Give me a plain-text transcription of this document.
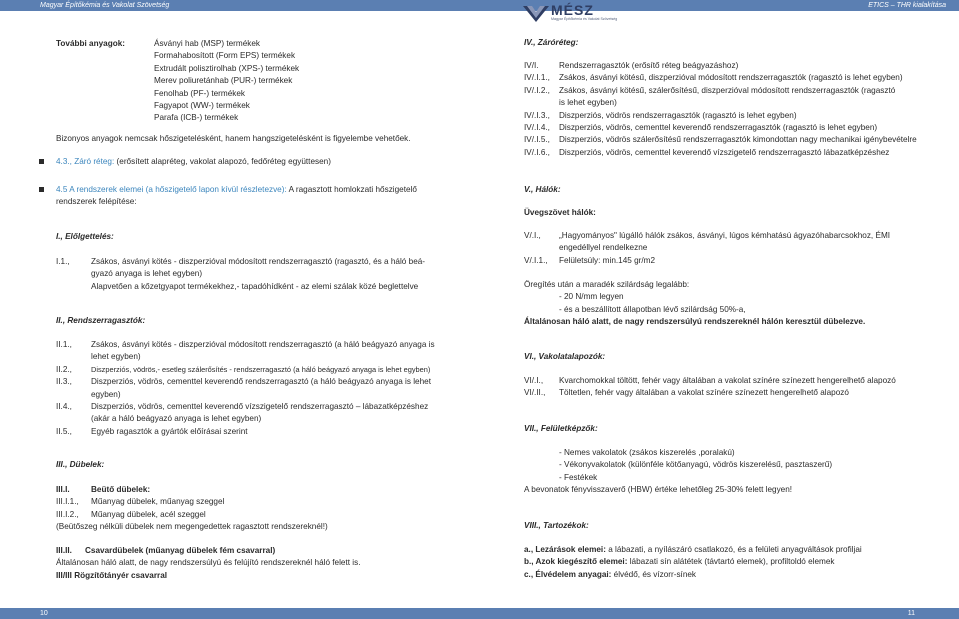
Magyar Építőkémia és Vakolat Szövetség	ETICS – THR kialakítása
MÉSZ
Magyar Építőkémia és Vakolat Szövetség
További anyagok:	Ásványi hab (MSP) termékek
Formahabosított (Form EPS) termékek
Extrudált polisztirolhab (XPS-) termékek
Merev poliuretánhab (PUR-) termékek
Fenolhab (PF-) termékek
Fagyapot (WW-) termékek
Parafa (ICB-) termékek
Bizonyos anyagok nemcsak hőszigetelésként, hanem hangszigetelésként is figyelembe vehetőek.
4.3., Záró réteg: (erősített alapréteg, vakolat alapozó, fedőréteg együttesen)
4.5 A rendszerek elemei (a hőszigetelő lapon kívül részletezve): A ragasztott homlokzati hőszigetelő
rendszerek felépítése:
I., Előlgettelés:
I.1.,	Zsákos, ásványi kötés - diszperzióval módosított rendszerragasztó (ragasztó, és a háló beá-
gyazó anyaga is lehet egyben)
Alapvetően a kőzetgyapot termékekhez,- tapadóhídként - az elemi szálak közé beglettelve
II., Rendszerragasztók:
II.1.,	Zsákos, ásványi kötés - diszperzióval módosított rendszerragasztó (a háló beágyazó anyaga is
lehet egyben)
II.2.,	Diszperziós, vödrös,- esetleg szálerősítés - rendszerragasztó (a háló beágyazó anyaga is lehet egyben)
II.3.,	Diszperziós, vödrös, cementtel keverendő rendszerragasztó (a háló beágyazó anyaga is lehet
egyben)
II.4.,	Diszperziós, vödrös, cementtel keverendő vízszigetelő rendszerragasztó – lábazatképzéshez
(akár a háló beágyazó anyaga is lehet egyben)
II.5.,	Egyéb ragasztók a gyártók előírásai szerint
III., Dübelek:
III.I.	Beütő dübelek:
III.I.1.,	Műanyag dübelek, műanyag szeggel
III.I.2.,	Műanyag dübelek, acél szeggel
(Beütőszeg nélküli dübelek nem megengedettek ragasztott rendszereknél!)
III.II.	Csavardübelek (műanyag dübelek fém csavarral)
Általánosan háló alatt, de nagy rendszersúlyú és felújító rendszereknél háló felett is.
III/III Rögzítőtányér csavarral
IV., Záróréteg:
IV/I.	Rendszerragasztók (erősítő réteg beágyazáshoz)
IV/.I.1.,	Zsákos, ásványi kötésű, diszperzióval módosított rendszerragasztók (ragasztó is lehet egyben)
IV/.I.2.,	Zsákos, ásványi kötésű, szálerősítésű, diszperzióval módosított rendszerragasztók (ragasztó
is lehet egyben)
IV/.I.3.,	Diszperziós, vödrös rendszerragasztók (ragasztó is lehet egyben)
IV/.I.4.,	Diszperziós, vödrös, cementtel keverendő rendszerragasztók (ragasztó is lehet egyben)
IV/.I.5.,	Diszperziós, vödrös szálerősítésű rendszerragasztók kimondottan nagy mechanikai igénybevételre
IV/.I.6.,	Diszperziós, vödrös, cementtel keverendő vízszigetelő rendszerragasztó lábazatképzéshez
V., Hálók:
Üvegszövet hálók:
V/.I.,	„Hagyományos" lúgálló hálók zsákos, ásványi, lúgos kémhatású ágyazóhabarcsokhoz, ÉMI
engedéllyel rendelkezne
V/.I.1.,	Felületsúly: min.145 gr/m2
Öregítés után a maradék szilárdság legalább:
- 20 N/mm legyen
- és a beszállított állapotban lévő szilárdság 50%-a,
Általánosan háló alatt, de nagy rendszersúlyú rendszereknél hálón keresztül dübelezve.
VI., Vakolatalapozók:
VI/.I.,	Kvarchomokkal töltött, fehér vagy általában a vakolat színére színezett hengerelhető alapozó
VI/.II.,	Töltetlen, fehér vagy általában a vakolat színére színezett hengerelhető alapozó
VII., Felületképzők:
- Nemes vakolatok (zsákos kiszerelés ,poralakú)
- Vékonyvakolatok (különféle kötőanyagú, vödrös kiszerelésű, pasztaszerű)
- Festékek
A bevonatok fényvisszaverő (HBW) értéke lehetőleg 25-30% felett legyen!
VIII., Tartozékok:
a., Lezárások elemei: a lábazati, a nyílászáró csatlakozó, és a felületi anyagváltások profiljai
b., Azok kiegészítő elemei: lábazati sín alátétek (távtartó elemek), profiltoldó elemek
c., Élvédelem anyagai: élvédő, és vízorr-sínek
10	11
